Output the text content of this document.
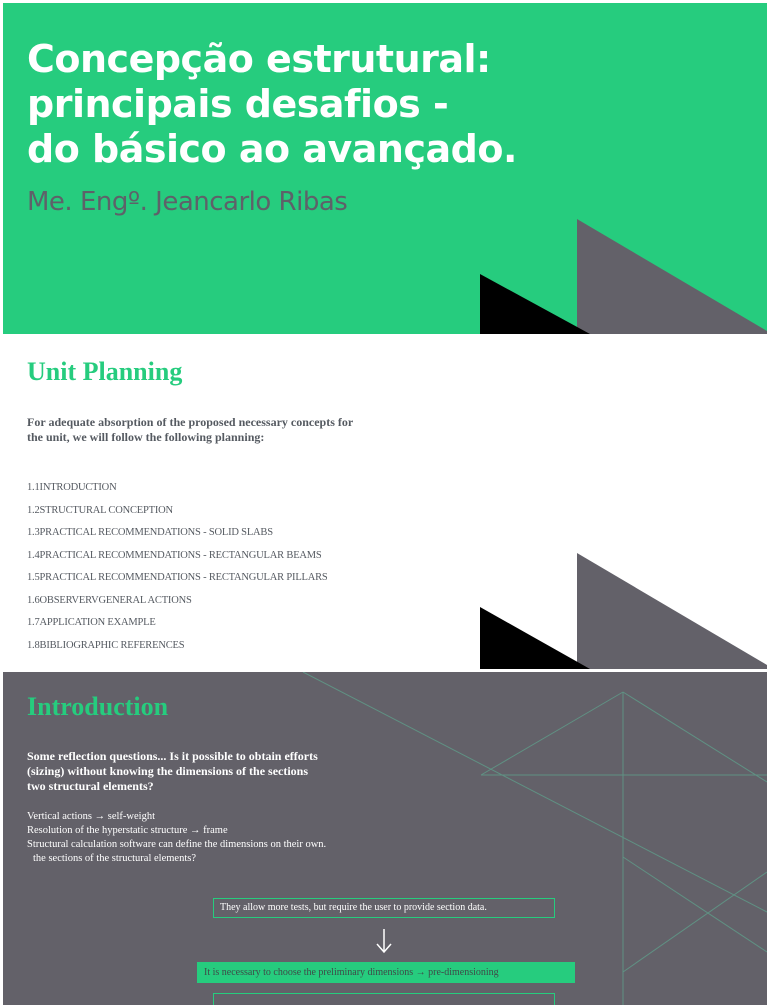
Concepção estrutural:
principais desafios -
do básico ao avançado.
Me. Engº. Jeancarlo Ribas
Unit Planning
For adequate absorption of the proposed necessary concepts for the unit, we will follow the following planning:
1.1INTRODUCTION
1.2STRUCTURAL CONCEPTION
1.3PRACTICAL RECOMMENDATIONS - SOLID SLABS
1.4PRACTICAL RECOMMENDATIONS - RECTANGULAR BEAMS
1.5PRACTICAL RECOMMENDATIONS - RECTANGULAR PILLARS
1.6OBSERVERVGENERAL ACTIONS
1.7APPLICATION EXAMPLE
1.8BIBLIOGRAPHIC REFERENCES
Introduction
Some reflection questions... Is it possible to obtain efforts (sizing) without knowing the dimensions of the sections two structural elements?
Vertical actions → self-weight
Resolution of the hyperstatic structure → frame
Structural calculation software can define the dimensions on their own.
the sections of the structural elements?
They allow more tests, but require the user to provide section data.
It is necessary to choose the preliminary dimensions → pre-dimensioning
